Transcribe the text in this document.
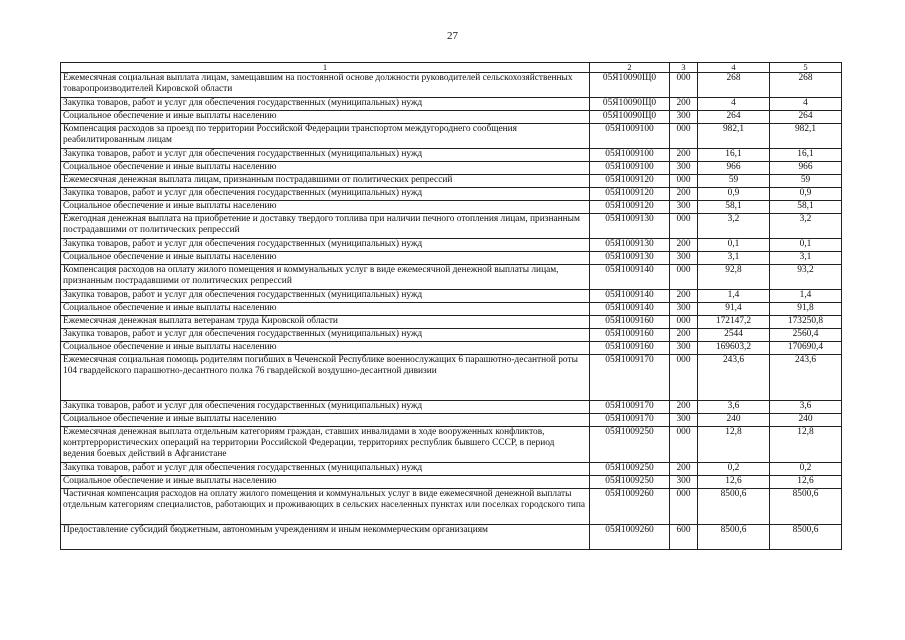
27
1	2	3	4	5
Ежемесячная социальная выплата лицам, замещавшим на постоянной основе должности руководителей сельскохозяйственных товаропроизводителей Кировской области	05Я10090Щ0	000	268	268
Закупка товаров, работ и услуг для обеспечения государственных (муниципальных) нужд	05Я10090Щ0	200	4	4
Социальное обеспечение и иные выплаты населению	05Я10090Щ0	300	264	264
Компенсация расходов за проезд по территории Российской Федерации транспортом междугороднего сообщения реабилитированным лицам	05Я1009100	000	982,1	982,1
Закупка товаров, работ и услуг для обеспечения государственных (муниципальных) нужд	05Я1009100	200	16,1	16,1
Социальное обеспечение и иные выплаты населению	05Я1009100	300	966	966
Ежемесячная денежная выплата лицам, признанным пострадавшими от политических репрессий	05Я1009120	000	59	59
Закупка товаров, работ и услуг для обеспечения государственных (муниципальных) нужд	05Я1009120	200	0,9	0,9
Социальное обеспечение и иные выплаты населению	05Я1009120	300	58,1	58,1
Ежегодная денежная выплата на приобретение и доставку твердого топлива при наличии печного отопления лицам, признанным пострадавшими от политических репрессий	05Я1009130	000	3,2	3,2
Закупка товаров, работ и услуг для обеспечения государственных (муниципальных) нужд	05Я1009130	200	0,1	0,1
Социальное обеспечение и иные выплаты населению	05Я1009130	300	3,1	3,1
Компенсация расходов на оплату жилого помещения и коммунальных услуг в виде ежемесячной денежной выплаты лицам, признанным пострадавшими от политических репрессий	05Я1009140	000	92,8	93,2
Закупка товаров, работ и услуг для обеспечения государственных (муниципальных) нужд	05Я1009140	200	1,4	1,4
Социальное обеспечение и иные выплаты населению	05Я1009140	300	91,4	91,8
Ежемесячная денежная выплата ветеранам труда Кировской области	05Я1009160	000	172147,2	173250,8
Закупка товаров, работ и услуг для обеспечения государственных (муниципальных) нужд	05Я1009160	200	2544	2560,4
Социальное обеспечение и иные выплаты населению	05Я1009160	300	169603,2	170690,4
Ежемесячная социальная помощь родителям погибших в Чеченской Республике военнослужащих 6 парашютно-десантной роты 104 гвардейского парашютно-десантного полка 76 гвардейской воздушно-десантной дивизии	05Я1009170	000	243,6	243,6
Закупка товаров, работ и услуг для обеспечения государственных (муниципальных) нужд	05Я1009170	200	3,6	3,6
Социальное обеспечение и иные выплаты населению	05Я1009170	300	240	240
Ежемесячная денежная выплата отдельным категориям граждан, ставших инвалидами в ходе вооруженных конфликтов, контртеррористических операций на территории Российской Федерации, территориях республик бывшего СССР, в период ведения боевых действий в Афганистане	05Я1009250	000	12,8	12,8
Закупка товаров, работ и услуг для обеспечения государственных (муниципальных) нужд	05Я1009250	200	0,2	0,2
Социальное обеспечение и иные выплаты населению	05Я1009250	300	12,6	12,6
Частичная компенсация расходов на оплату жилого помещения и коммунальных услуг в виде ежемесячной денежной выплаты отдельным категориям специалистов, работающих и проживающих в сельских населенных пунктах или поселках городского типа	05Я1009260	000	8500,6	8500,6
Предоставление субсидий бюджетным, автономным учреждениям и иным некоммерческим организациям	05Я1009260	600	8500,6	8500,6
